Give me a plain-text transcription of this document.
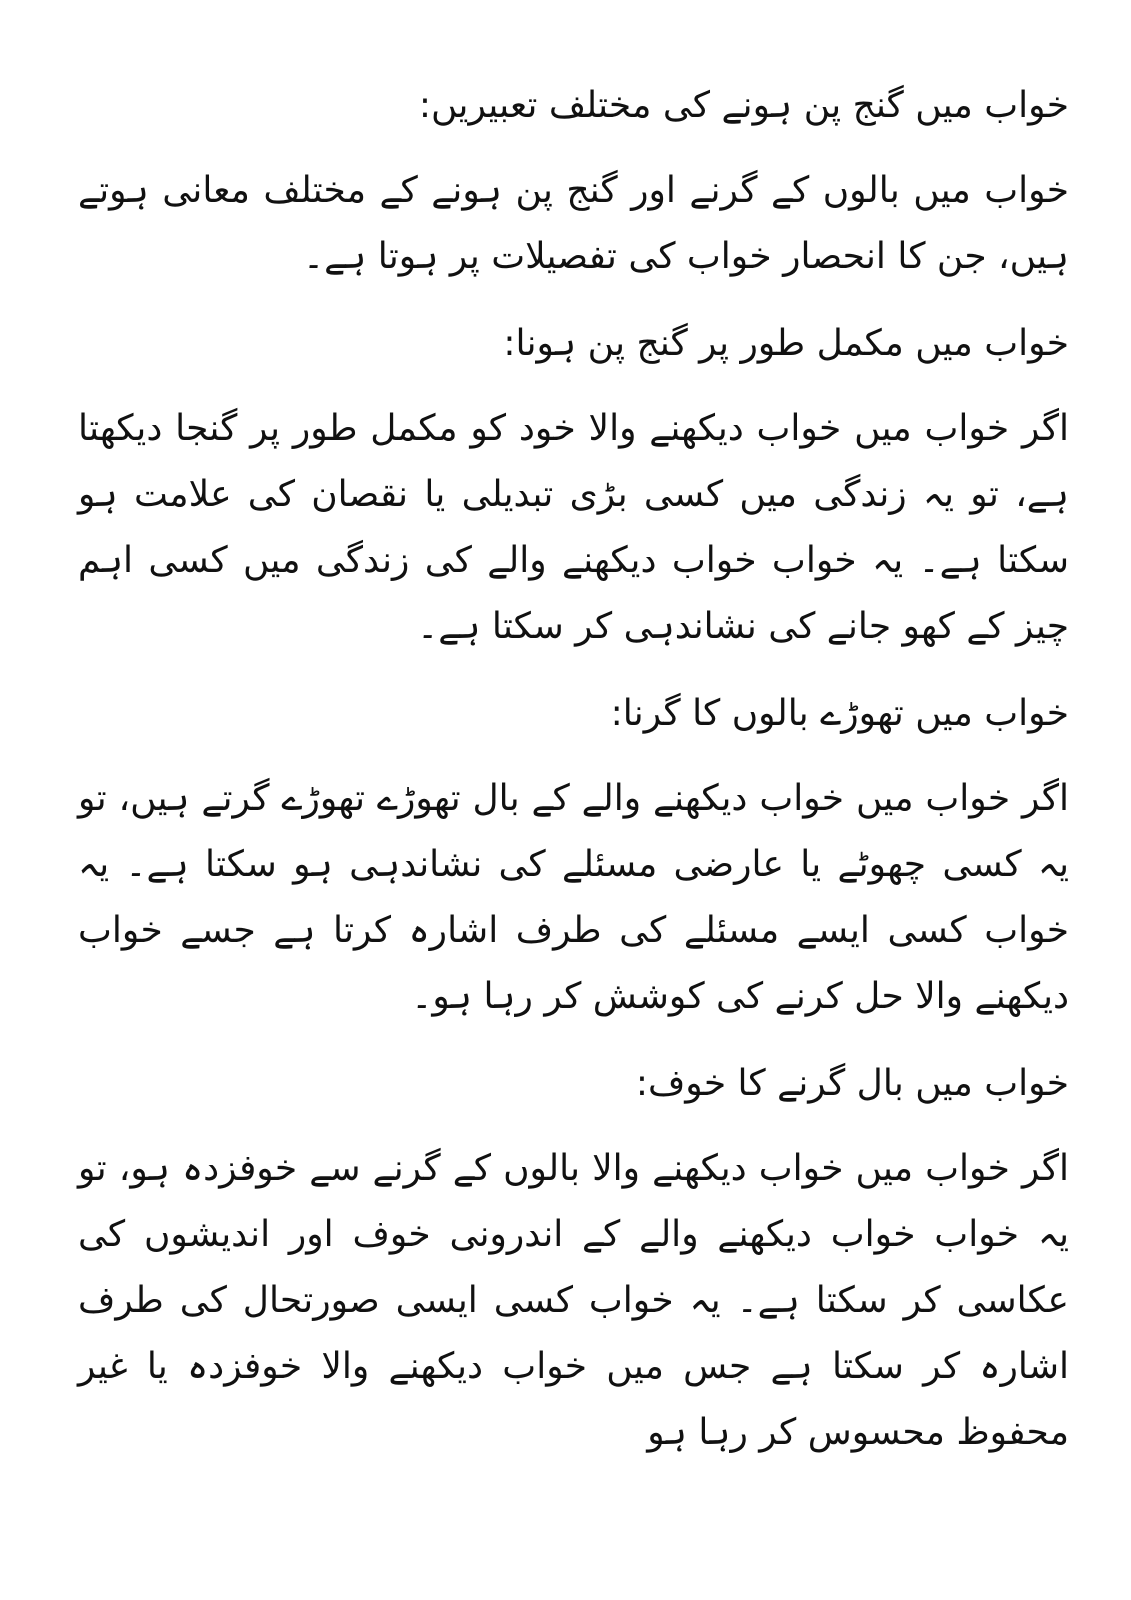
خواب میں گنج پن ہونے کی مختلف تعبیریں:

خواب میں بالوں کے گرنے اور گنج پن ہونے کے مختلف معانی ہوتے ہیں، جن کا انحصار خواب کی تفصیلات پر ہوتا ہے۔

خواب میں مکمل طور پر گنج پن ہونا:

اگر خواب میں خواب دیکھنے والا خود کو مکمل طور پر گنجا دیکھتا ہے، تو یہ زندگی میں کسی بڑی تبدیلی یا نقصان کی علامت ہو سکتا ہے۔ یہ خواب خواب دیکھنے والے کی زندگی میں کسی اہم چیز کے کھو جانے کی نشاندہی کر سکتا ہے۔

خواب میں تھوڑے بالوں کا گرنا:

اگر خواب میں خواب دیکھنے والے کے بال تھوڑے تھوڑے گرتے ہیں، تو یہ کسی چھوٹے یا عارضی مسئلے کی نشاندہی ہو سکتا ہے۔ یہ خواب کسی ایسے مسئلے کی طرف اشارہ کرتا ہے جسے خواب دیکھنے والا حل کرنے کی کوشش کر رہا ہو۔

خواب میں بال گرنے کا خوف:

اگر خواب میں خواب دیکھنے والا بالوں کے گرنے سے خوفزدہ ہو، تو یہ خواب خواب دیکھنے والے کے اندرونی خوف اور اندیشوں کی عکاسی کر سکتا ہے۔ یہ خواب کسی ایسی صورتحال کی طرف اشارہ کر سکتا ہے جس میں خواب دیکھنے والا خوفزدہ یا غیر محفوظ محسوس کر رہا ہو
